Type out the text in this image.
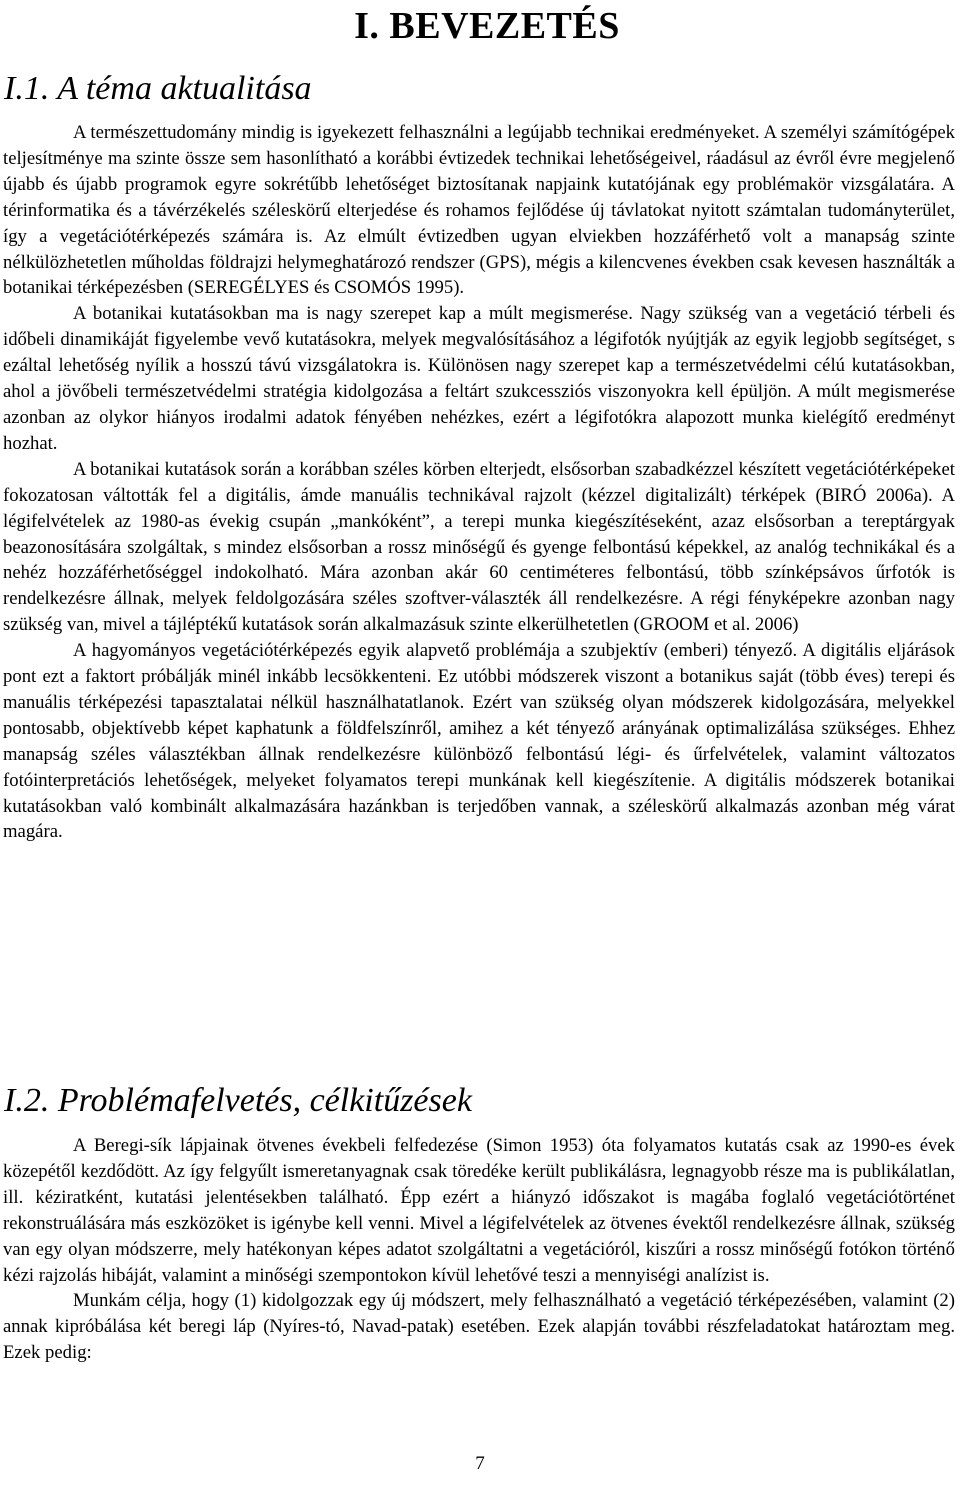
I. BEVEZETÉS
I.1. A téma aktualitása

A természettudomány mindig is igyekezett felhasználni a legújabb technikai eredményeket. A személyi számítógépek teljesítménye ma szinte össze sem hasonlítható a korábbi évtizedek technikai lehetőségeivel, ráadásul az évről évre megjelenő újabb és újabb programok egyre sokrétűbb lehetőséget biztosítanak napjaink kutatójának egy problémakör vizsgálatára. A térinformatika és a távérzékelés széleskörű elterjedése és rohamos fejlődése új távlatokat nyitott számtalan tudományterület, így a vegetációtérképezés számára is. Az elmúlt évtizedben ugyan elviekben hozzáférhető volt a manapság szinte nélkülözhetetlen műholdas földrajzi helymeghatározó rendszer (GPS), mégis a kilencvenes években csak kevesen használták a botanikai térképezésben (SEREGÉLYES és CSOMÓS 1995).

A botanikai kutatásokban ma is nagy szerepet kap a múlt megismerése. Nagy szükség van a vegetáció térbeli és időbeli dinamikáját figyelembe vevő kutatásokra, melyek megvalósításához a légifotók nyújtják az egyik legjobb segítséget, s ezáltal lehetőség nyílik a hosszú távú vizsgálatokra is. Különösen nagy szerepet kap a természetvédelmi célú kutatásokban, ahol a jövőbeli természetvédelmi stratégia kidolgozása a feltárt szukcessziós viszonyokra kell épüljön. A múlt megismerése azonban az olykor hiányos irodalmi adatok fényében nehézkes, ezért a légifotókra alapozott munka kielégítő eredményt hozhat.

A botanikai kutatások során a korábban széles körben elterjedt, elsősorban szabadkézzel készített vegetációtérképeket fokozatosan váltották fel a digitális, ámde manuális technikával rajzolt (kézzel digitalizált) térképek (BIRÓ 2006a). A légifelvételek az 1980-as évekig csupán „mankóként”, a terepi munka kiegészítéseként, azaz elsősorban a tereptárgyak beazonosítására szolgáltak, s mindez elsősorban a rossz minőségű és gyenge felbontású képekkel, az analóg technikákal és a nehéz hozzáférhetőséggel indokolható. Mára azonban akár 60 centiméteres felbontású, több színképsávos űrfotók is rendelkezésre állnak, melyek feldolgozására széles szoftver-választék áll rendelkezésre. A régi fényképekre azonban nagy szükség van, mivel a tájléptékű kutatások során alkalmazásuk szinte elkerülhetetlen (GROOM et al. 2006)

A hagyományos vegetációtérképezés egyik alapvető problémája a szubjektív (emberi) tényező. A digitális eljárások pont ezt a faktort próbálják minél inkább lecsökkenteni. Ez utóbbi módszerek viszont a botanikus saját (több éves) terepi és manuális térképezési tapasztalatai nélkül használhatatlanok. Ezért van szükség olyan módszerek kidolgozására, melyekkel pontosabb, objektívebb képet kaphatunk a földfelszínről, amihez a két tényező arányának optimalizálása szükséges. Ehhez manapság széles választékban állnak rendelkezésre különböző felbontású légi- és űrfelvételek, valamint változatos fotóinterpretációs lehetőségek, melyeket folyamatos terepi munkának kell kiegészítenie. A digitális módszerek botanikai kutatásokban való kombinált alkalmazására hazánkban is terjedőben vannak, a széleskörű alkalmazás azonban még várat magára.

I.2. Problémafelvetés, célkitűzések

A Beregi-sík lápjainak ötvenes évekbeli felfedezése (Simon 1953) óta folyamatos kutatás csak az 1990-es évek közepétől kezdődött. Az így felgyűlt ismeretanyagnak csak töredéke került publikálásra, legnagyobb része ma is publikálatlan, ill. kéziratként, kutatási jelentésekben található. Épp ezért a hiányzó időszakot is magába foglaló vegetációtörténet rekonstruálására más eszközöket is igénybe kell venni. Mivel a légifelvételek az ötvenes évektől rendelkezésre állnak, szükség van egy olyan módszerre, mely hatékonyan képes adatot szolgáltatni a vegetációról, kiszűri a rossz minőségű fotókon történő kézi rajzolás hibáját, valamint a minőségi szempontokon kívül lehetővé teszi a mennyiségi analízist is.

Munkám célja, hogy (1) kidolgozzak egy új módszert, mely felhasználható a vegetáció térképezésében, valamint (2) annak kipróbálása két beregi láp (Nyíres-tó, Navad-patak) esetében. Ezek alapján további részfeladatokat határoztam meg. Ezek pedig:

7
